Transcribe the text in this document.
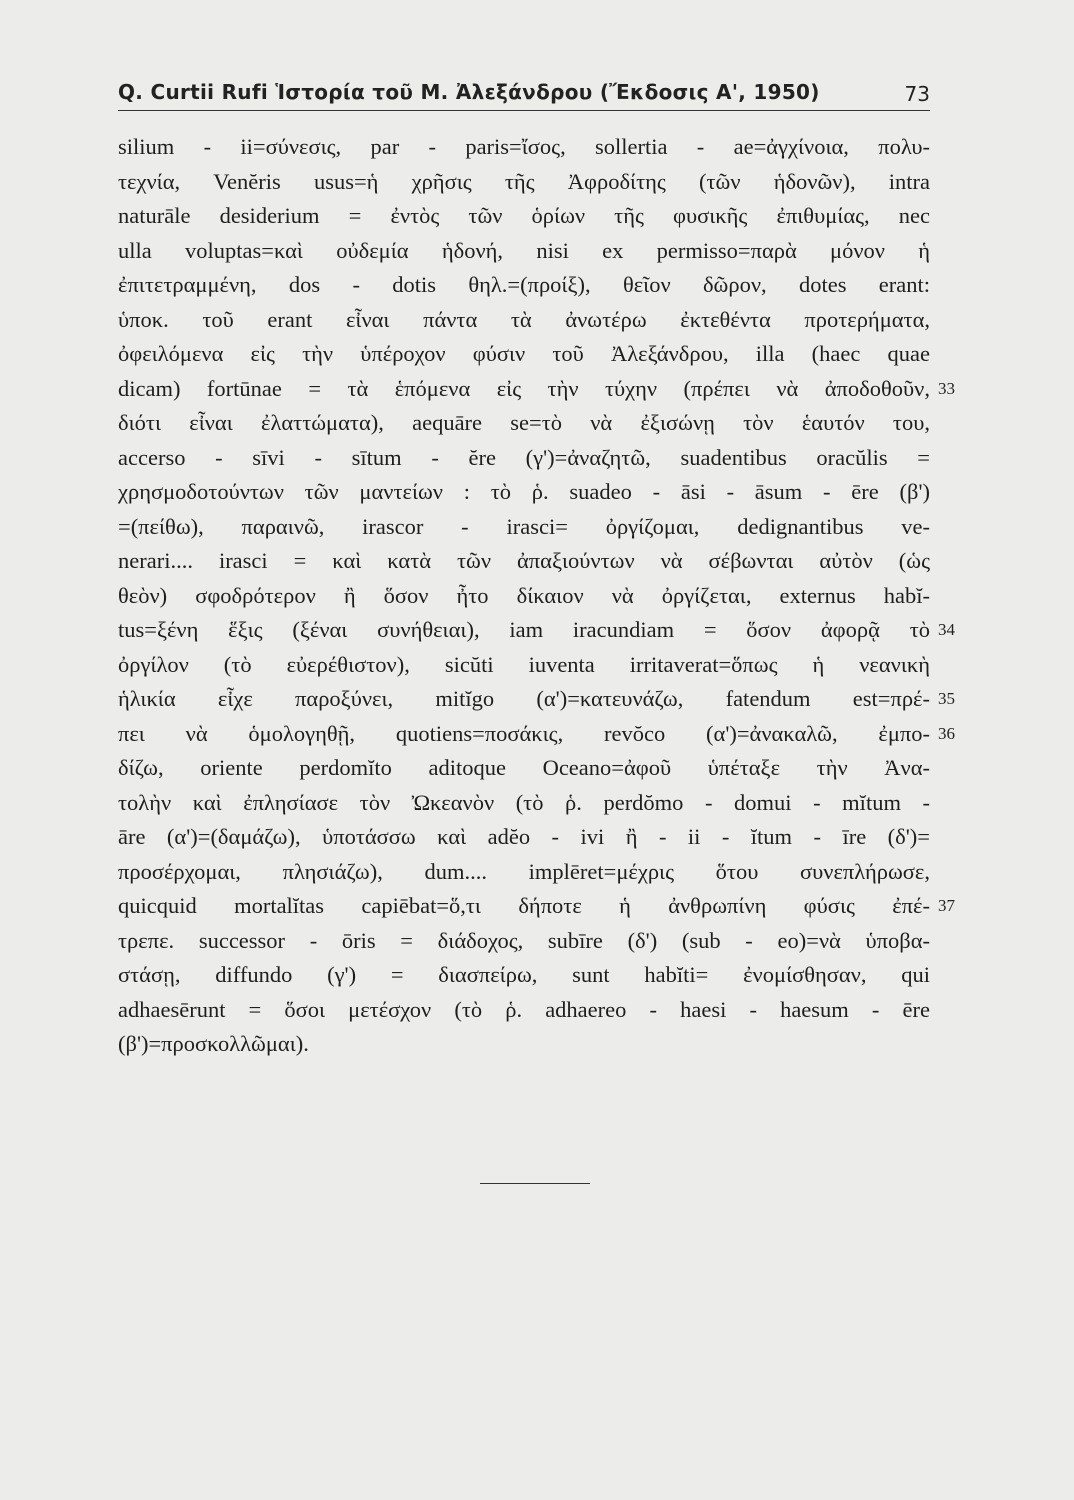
Q. Curtii Rufi Ἱστορία τοῦ Μ. Ἀλεξάνδρου (Ἔκδοσις Α', 1950)	73
silium - ii=σύνεσις, par - paris=ἴσος, sollertia - ae=ἀγχίνοια, πολυ-
τεχνία, Venĕris usus=ἡ χρῆσις τῆς Ἀφροδίτης (τῶν ἡδονῶν), intra
naturāle desiderium = ἐντὸς τῶν ὁρίων τῆς φυσικῆς ἐπιθυμίας, nec
ulla voluptas=καὶ οὐδεμία ἡδονή, nisi ex permisso=παρὰ μόνον ἡ
ἐπιτετραμμένη, dos - dotis θηλ.=(προίξ), θεῖον δῶρον, dotes erant:
ὑποκ. τοῦ erant εἶναι πάντα τὰ ἀνωτέρω ἐκτεθέντα προτερήματα,
ὀφειλόμενα εἰς τὴν ὑπέροχον φύσιν τοῦ Ἀλεξάνδρου, illa (haec quae
dicam) fortūnae = τὰ ἑπόμενα εἰς τὴν τύχην (πρέπει νὰ ἀποδοθοῦν,
διότι εἶναι ἐλαττώματα), aequāre se=τὸ νὰ ἐξισώνῃ τὸν ἑαυτόν του,
accerso - sīvi - sītum - ĕre (γ')=ἀναζητῶ, suadentibus oracŭlis =
χρησμοδοτούντων τῶν μαντείων : τὸ ῥ. suadeo - āsi - āsum - ēre (β')
=(πείθω), παραινῶ, irascor - irasci= ὀργίζομαι, dedignantibus ve-
nerari.... irasci = καὶ κατὰ τῶν ἀπαξιούντων νὰ σέβωνται αὐτὸν (ὡς
θεὸν) σφοδρότερον ἢ ὅσον ἦτο δίκαιον νὰ ὀργίζεται, externus habĭ-
tus=ξένη ἕξις (ξέναι συνήθειαι), iam iracundiam = ὅσον ἀφορᾷ τὸ
ὀργίλον (τὸ εὐερέθιστον), sicŭti iuventa irritaverat=ὅπως ἡ νεανικὴ
ἡλικία εἶχε παροξύνει, mitĭgo (α')=κατευνάζω, fatendum est=πρέ-
πει νὰ ὁμολογηθῇ, quotiens=ποσάκις, revŏco (α')=ἀνακαλῶ, ἐμπο-
δίζω, oriente perdomĭto aditoque Oceano=ἀφοῦ ὑπέταξε τὴν Ἀνα-
τολὴν καὶ ἐπλησίασε τὸν Ὠκεανὸν (τὸ ῥ. perdŏmo - domui - mĭtum -
āre (α')=(δαμάζω), ὑποτάσσω καὶ adĕo - ivi ἢ - ii - ĭtum - īre (δ')=
προσέρχομαι, πλησιάζω), dum.... implēret=μέχρις ὅτου συνεπλήρωσε,
quicquid mortalĭtas capiēbat=ὅ,τι δήποτε ἡ ἀνθρωπίνη φύσις ἐπέ-
τρεπε. successor - ōris = διάδοχος, subīre (δ') (sub - eo)=νὰ ὑποβα-
στάσῃ, diffundo (γ') = διασπείρω, sunt habĭti= ἐνομίσθησαν, qui
adhaesērunt = ὅσοι μετέσχον (τὸ ῥ. adhaereo - haesi - haesum - ēre
(β')=προσκολλῶμαι).
33
34
35
36
37
